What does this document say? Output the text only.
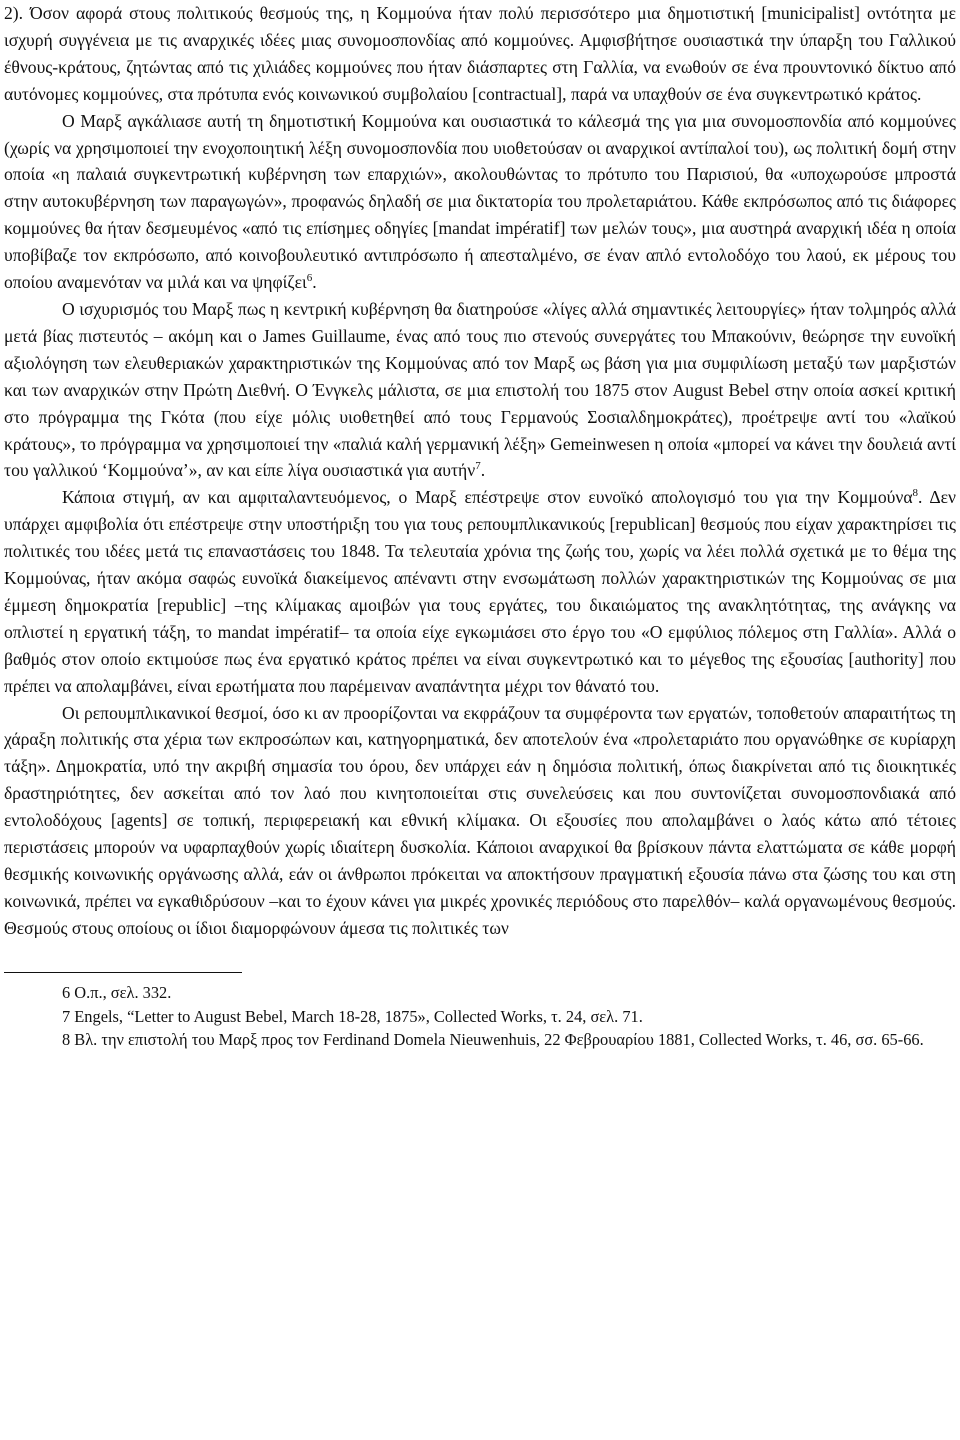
2). Όσον αφορά στους πολιτικούς θεσμούς της, η Κομμούνα ήταν πολύ περισσότερο μια δημοτιστική [municipalist] οντότητα με ισχυρή συγγένεια με τις αναρχικές ιδέες μιας συνομοσπονδίας από κομμούνες. Αμφισβήτησε ουσιαστικά την ύπαρξη του Γαλλικού έθνους-κράτους, ζητώντας από τις χιλιάδες κομμούνες που ήταν διάσπαρτες στη Γαλλία, να ενωθούν σε ένα πρoυντονικό δίκτυο από αυτόνομες κομμούνες, στα πρότυπα ενός κοινωνικού συμβολαίου [contractual], παρά να υπαχθούν σε ένα συγκεντρωτικό κράτος.

Ο Μαρξ αγκάλιασε αυτή τη δημοτιστική Κομμούνα και ουσιαστικά το κάλεσμά της για μια συνομοσπονδία από κομμούνες (χωρίς να χρησιμοποιεί την ενοχοποιητική λέξη συνομοσπονδία που υιοθετούσαν οι αναρχικοί αντίπαλοί του), ως πολιτική δομή στην οποία «η παλαιά συγκεντρωτική κυβέρνηση των επαρχιών», ακολουθώντας το πρότυπο του Παρισιού, θα «υποχωρούσε μπροστά στην αυτοκυβέρνηση των παραγωγών», προφανώς δηλαδή σε μια δικτατορία του προλεταριάτου. Κάθε εκπρόσωπος από τις διάφορες κομμούνες θα ήταν δεσμευμένος «από τις επίσημες οδηγίες [mandat impératif] των μελών τους», μια αυστηρά αναρχική ιδέα η οποία υποβίβαζε τον εκπρόσωπο, από κοινοβουλευτικό αντιπρόσωπο ή απεσταλμένο, σε έναν απλό εντολοδόχο του λαού, εκ μέρους του οποίου αναμενόταν να μιλά και να ψηφίζει$^6$.

Ο ισχυρισμός του Μαρξ πως η κεντρική κυβέρνηση θα διατηρούσε «λίγες αλλά σημαντικές λειτουργίες» ήταν τολμηρός αλλά μετά βίας πιστευτός – ακόμη και ο James Guillaume, ένας από τους πιο στενούς συνεργάτες του Μπακούνιν, θεώρησε την ευνοϊκή αξιολόγηση των ελευθεριακών χαρακτηριστικών της Κομμούνας από τον Μαρξ ως βάση για μια συμφιλίωση μεταξύ των μαρξιστών και των αναρχικών στην Πρώτη Διεθνή. Ο Ένγκελς μάλιστα, σε μια επιστολή του 1875 στον August Bebel στην οποία ασκεί κριτική στο πρόγραμμα της Γκότα (που είχε μόλις υιοθετηθεί από τους Γερμανούς Σοσιαλδημοκράτες), προέτρεψε αντί του «λαϊκού κράτους», το πρόγραμμα να χρησιμοποιεί την «παλιά καλή γερμανική λέξη» Gemeinwesen η οποία «μπορεί να κάνει την δουλειά αντί του γαλλικού ‘Κομμούνα’», αν και είπε λίγα ουσιαστικά για αυτήν$^7$.

Κάποια στιγμή, αν και αμφιταλαντευόμενος, ο Μαρξ επέστρεψε στον ευνοϊκό απολογισμό του για την Κομμούνα$^8$. Δεν υπάρχει αμφιβολία ότι επέστρεψε στην υποστήριξη του για τους ρεπουμπλικανικούς [republican] θεσμούς που είχαν χαρακτηρίσει τις πολιτικές του ιδέες μετά τις επαναστάσεις του 1848. Τα τελευταία χρόνια της ζωής του, χωρίς να λέει πολλά σχετικά με το θέμα της Κομμούνας, ήταν ακόμα σαφώς ευνοϊκά διακείμενος απέναντι στην ενσωμάτωση πολλών χαρακτηριστικών της Κομμούνας σε μια έμμεση δημοκρατία [republic] –της κλίμακας αμοιβών για τους εργάτες, του δικαιώματος της ανακλητότητας, της ανάγκης να οπλιστεί η εργατική τάξη, το mandat impératif– τα οποία είχε εγκωμιάσει στο έργο του «Ο εμφύλιος πόλεμος στη Γαλλία». Αλλά ο βαθμός στον οποίο εκτιμούσε πως ένα εργατικό κράτος πρέπει να είναι συγκεντρωτικό και το μέγεθος της εξουσίας [authority] που πρέπει να απολαμβάνει, είναι ερωτήματα που παρέμειναν αναπάντητα μέχρι τον θάνατό του.

Οι ρεπουμπλικανικοί θεσμοί, όσο κι αν προορίζονται να εκφράζουν τα συμφέροντα των εργατών, τοποθετούν απαραιτήτως τη χάραξη πολιτικής στα χέρια των εκπροσώπων και, κατηγορηματικά, δεν αποτελούν ένα «προλεταριάτο που οργανώθηκε σε κυρίαρχη τάξη». Δημοκρατία, υπό την ακριβή σημασία του όρου, δεν υπάρχει εάν η δημόσια πολιτική, όπως διακρίνεται από τις διοικητικές δραστηριότητες, δεν ασκείται από τον λαό που κινητοποιείται στις συνελεύσεις και που συντονίζεται συνομοσπονδιακά από εντολοδόχους [agents] σε τοπική, περιφερειακή και εθνική κλίμακα. Οι εξουσίες που απολαμβάνει ο λαός κάτω από τέτοιες περιστάσεις μπορούν να υφαρπαχθούν χωρίς ιδιαίτερη δυσκολία. Κάποιοι αναρχικοί θα βρίσκουν πάντα ελαττώματα σε κάθε μορφή θεσμικής κοινωνικής οργάνωσης αλλά, εάν οι άνθρωποι πρόκειται να αποκτήσουν πραγματική εξουσία πάνω στα ζώσης του και στη κοινωνικά, πρέπει να εγκαθιδρύσουν –και το έχουν κάνει για μικρές χρονικές περιόδους στο παρελθόν– καλά οργανωμένους θεσμούς. Θεσμούς στους οποίους οι ίδιοι διαμορφώνουν άμεσα τις πολιτικές των

6 Ο.π., σελ. 332.

7 Engels, “Letter to August Bebel, March 18-28, 1875», Collected Works, τ. 24, σελ. 71.

8 Βλ. την επιστολή του Μαρξ προς τον Ferdinand Domela Nieuwenhuis, 22 Φεβρουαρίου 1881, Collected Works, τ. 46, σσ. 65-66.
